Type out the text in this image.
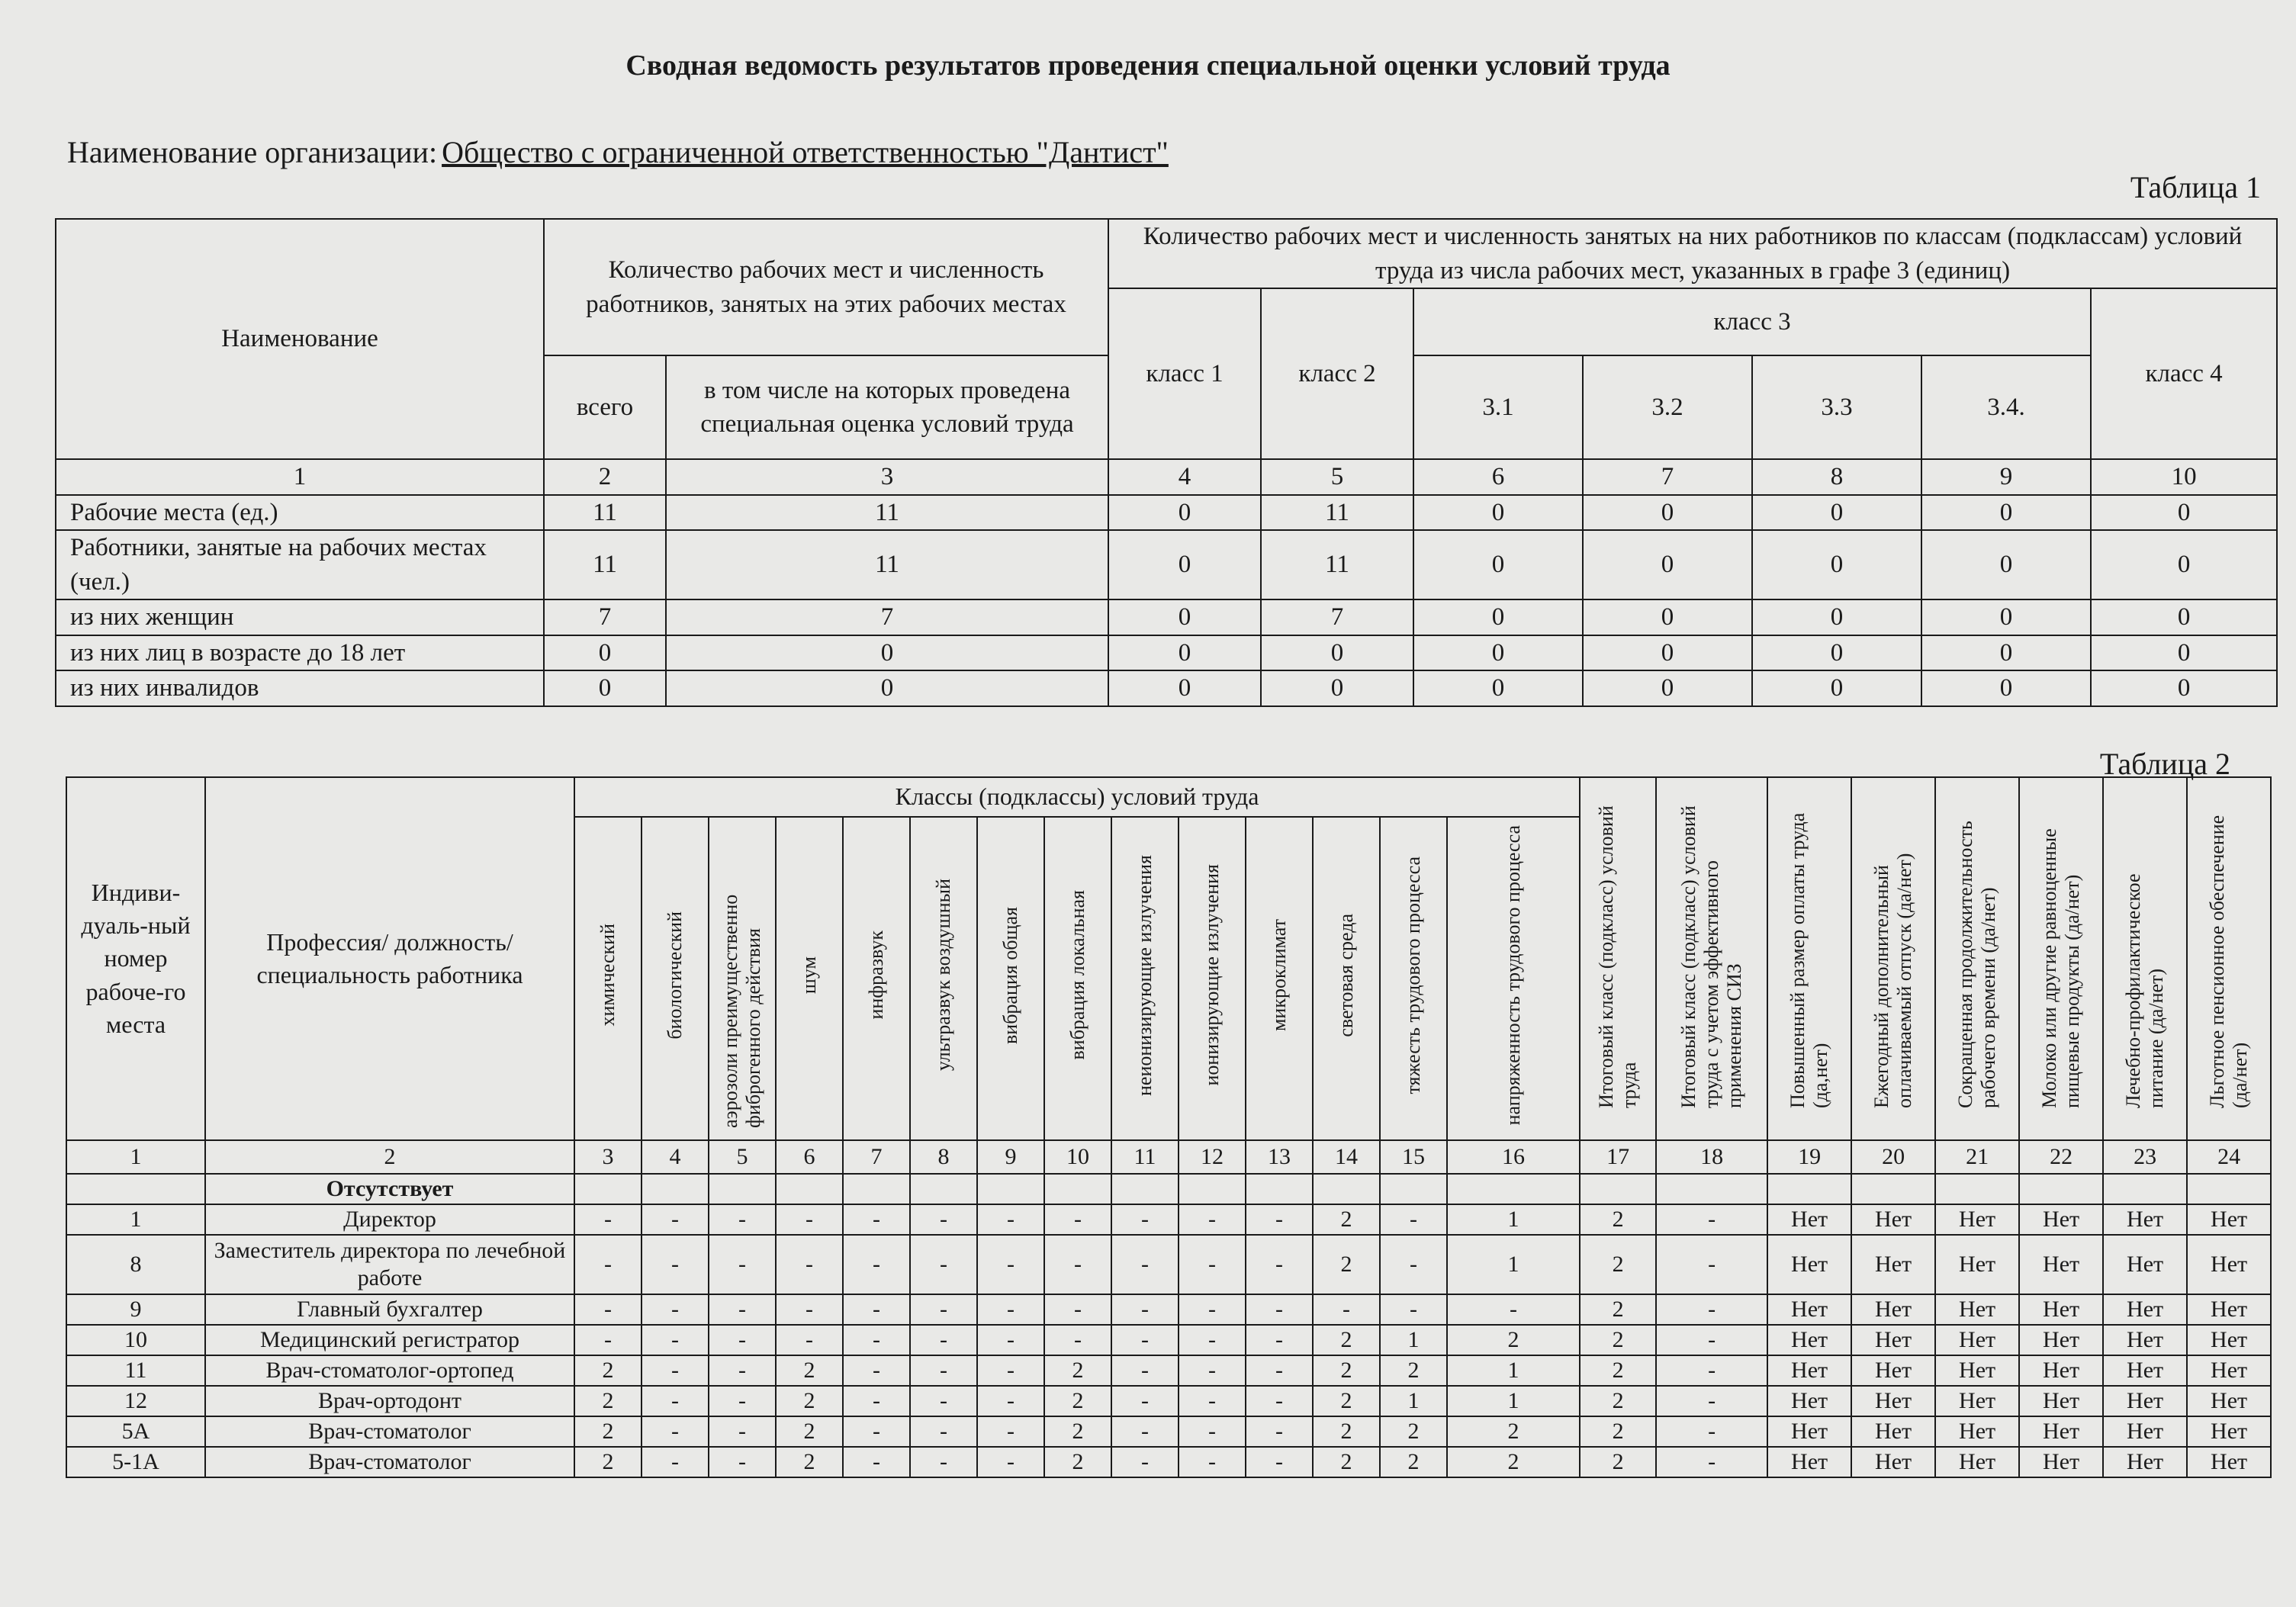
Сводная ведомость результатов проведения специальной оценки условий труда
Наименование организации: Общество с ограниченной ответственностью "Дантист"
Таблица 1
Наименование	Количество рабочих мест и численность работников, занятых на этих рабочих местах		Количество рабочих мест и численность занятых на них работников по классам (подклассам) условий труда из числа рабочих мест, указанных в графе 3 (единиц)						
			класс 1	класс 2	класс 3				класс 4
	всего	в том числе на которых проведена специальная оценка условий труда			3.1	3.2	3.3	3.4.	
1	2	3	4	5	6	7	8	9	10
Рабочие места (ед.)	11	11	0	11	0	0	0	0	0
Работники, занятые на рабочих местах (чел.)	11	11	0	11	0	0	0	0	0
из них женщин	7	7	0	7	0	0	0	0	0
из них лиц в возрасте до 18 лет	0	0	0	0	0	0	0	0	0
из них инвалидов	0	0	0	0	0	0	0	0	0
Таблица 2
Индиви-дуаль-ный номер рабоче-го места	Профессия/ должность/ специальность работника	Классы (подклассы) условий труда														Итоговый класс (подкласс) условий труда	Итоговый класс (подкласс) условий труда с учетом эффективного применения СИЗ	Повышенный размер оплаты труда (да,нет)	Ежегодный дополнительный оплачиваемый отпуск (да/нет)	Сокращенная продолжительность рабочего времени (да/нет)	Молоко или другие равноценные пищевые продукты (да/нет)	Лечебно-профилактическое питание (да/нет)	Льготное пенсионное обеспечение (да/нет)
		химический	биологический	аэрозоли преимущественно фиброгенного действия	шум	инфразвук	ультразвук воздушный	вибрация общая	вибрация локальная	неионизирующие излучения	ионизирующие излучения	микроклимат	световая среда	тяжесть трудового процесса	напряженность трудового процесса								
1	2	3	4	5	6	7	8	9	10	11	12	13	14	15	16	17	18	19	20	21	22	23	24
	Отсутствует																						
1	Директор	-	-	-	-	-	-	-	-	-	-	-	2	-	1	2	-	Нет	Нет	Нет	Нет	Нет	Нет
8	Заместитель директора по лечебной работе	-	-	-	-	-	-	-	-	-	-	-	2	-	1	2	-	Нет	Нет	Нет	Нет	Нет	Нет
9	Главный бухгалтер	-	-	-	-	-	-	-	-	-	-	-	-	-	-	2	-	Нет	Нет	Нет	Нет	Нет	Нет
10	Медицинский регистратор	-	-	-	-	-	-	-	-	-	-	-	2	1	2	2	-	Нет	Нет	Нет	Нет	Нет	Нет
11	Врач-стоматолог-ортопед	2	-	-	2	-	-	-	2	-	-	-	2	2	1	2	-	Нет	Нет	Нет	Нет	Нет	Нет
12	Врач-ортодонт	2	-	-	2	-	-	-	2	-	-	-	2	1	1	2	-	Нет	Нет	Нет	Нет	Нет	Нет
5А	Врач-стоматолог	2	-	-	2	-	-	-	2	-	-	-	2	2	2	2	-	Нет	Нет	Нет	Нет	Нет	Нет
5-1А	Врач-стоматолог	2	-	-	2	-	-	-	2	-	-	-	2	2	2	2	-	Нет	Нет	Нет	Нет	Нет	Нет
